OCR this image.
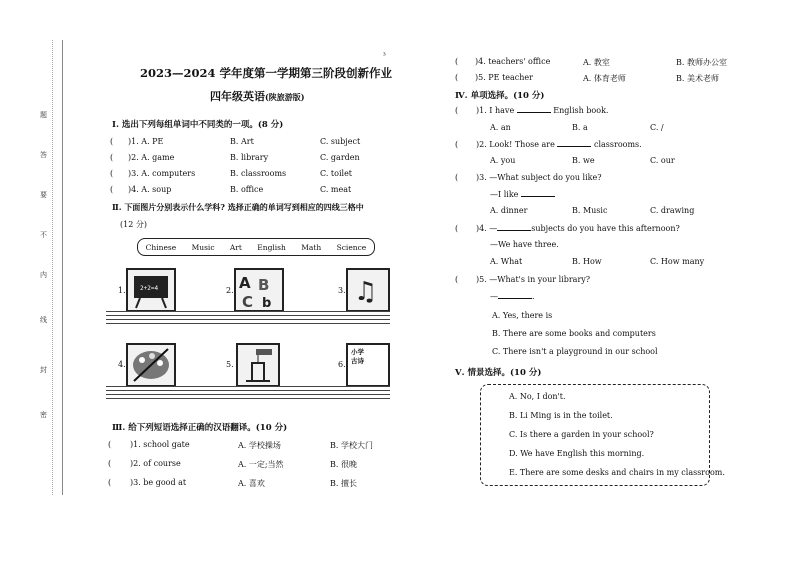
题
答
要
不
内
线
封
密
2023—2024 学年度第一学期第三阶段创新作业
³
四年级英语(陕旅游版)
Ⅰ. 选出下列每组单词中不同类的一项。(8 分)
( )1. A. PE	B. Art	C. subject
( )2. A. game	B. library	C. garden
( )3. A. computers	B. classrooms	C. toilet
( )4. A. soup	B. office	C. meat
Ⅱ. 下面图片分别表示什么学科? 选择正确的单词写到相应的四线三格中
(12 分)
Chinese Music Art English Math Science
1. 2+2=4	2. A B
C b
3. ♫
4.	5.	6.
小学古诗
Ⅲ. 给下列短语选择正确的汉语翻译。(10 分)
( )1. school gate	A. 学校操场	B. 学校大门
( )2. of course	A. 一定;当然	B. 很晚
( )3. be good at	A. 喜欢	B. 擅长
( )4. teachers' office	A. 教室	B. 教师办公室
( )5. PE teacher	A. 体育老师	B. 美术老师
Ⅳ. 单项选择。(10 分)
( )1. I have	English book.
A. an	B. a	C. /
( )2. Look! Those are	classrooms.
A. you	B. we	C. our
( )3. —What subject do you like?
—I like
A. dinner	B. Music	C. drawing
( )4. —	subjects do you have this afternoon?
—We have three.
A. What	B. How	C. How many
( )5. —What's in your library?
—	.
A. Yes, there is
B. There are some books and computers
C. There isn't a playground in our school
Ⅴ. 情景选择。(10 分)
A. No, I don't.
B. Li Ming is in the toilet.
C. Is there a garden in your school?
D. We have English this morning.
E. There are some desks and chairs in my classroom.
